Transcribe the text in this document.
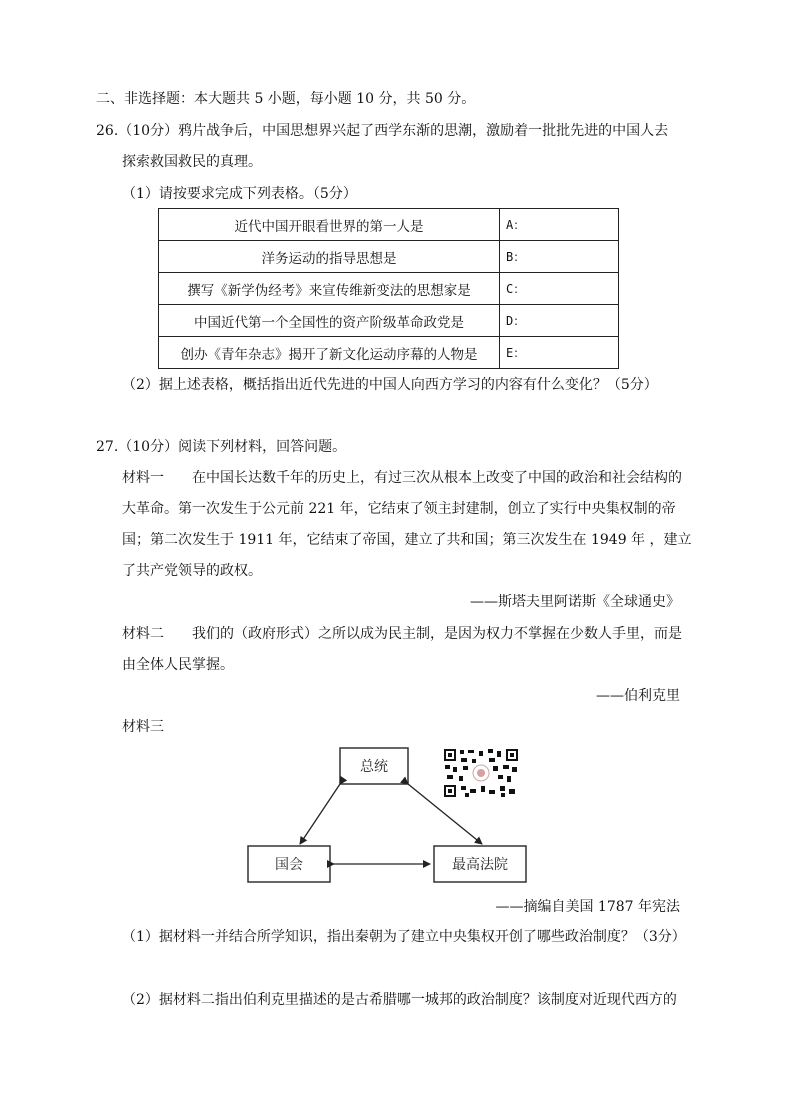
二、非选择题：本大题共 5 小题，每小题 10 分，共 50 分。
26.（10分）鸦片战争后，中国思想界兴起了西学东渐的思潮，激励着一批批先进的中国人去
探索救国救民的真理。
（1）请按要求完成下列表格。（5分）
近代中国开眼看世界的第一人是	A：
洋务运动的指导思想是	B：
撰写《新学伪经考》来宣传维新变法的思想家是	C：
中国近代第一个全国性的资产阶级革命政党是	D：
创办《青年杂志》揭开了新文化运动序幕的人物是	E：
（2）据上述表格，概括指出近代先进的中国人向西方学习的内容有什么变化？（5分）
27.（10分）阅读下列材料，回答问题。
材料一　　在中国长达数千年的历史上，有过三次从根本上改变了中国的政治和社会结构的
大革命。第一次发生于公元前 221 年，它结束了领主封建制，创立了实行中央集权制的帝
国；第二次发生于 1911 年，它结束了帝国，建立了共和国；第三次发生在 1949 年 ，建立
了共产党领导的政权。
——斯塔夫里阿诺斯《全球通史》
材料二　　我们的（政府形式）之所以成为民主制，是因为权力不掌握在少数人手里，而是
由全体人民掌握。
——伯利克里
材料三
总统
国会	最高法院
——摘编自美国 1787 年宪法
（1）据材料一并结合所学知识，指出秦朝为了建立中央集权开创了哪些政治制度？（3分）
（2）据材料二指出伯利克里描述的是古希腊哪一城邦的政治制度？该制度对近现代西方的
